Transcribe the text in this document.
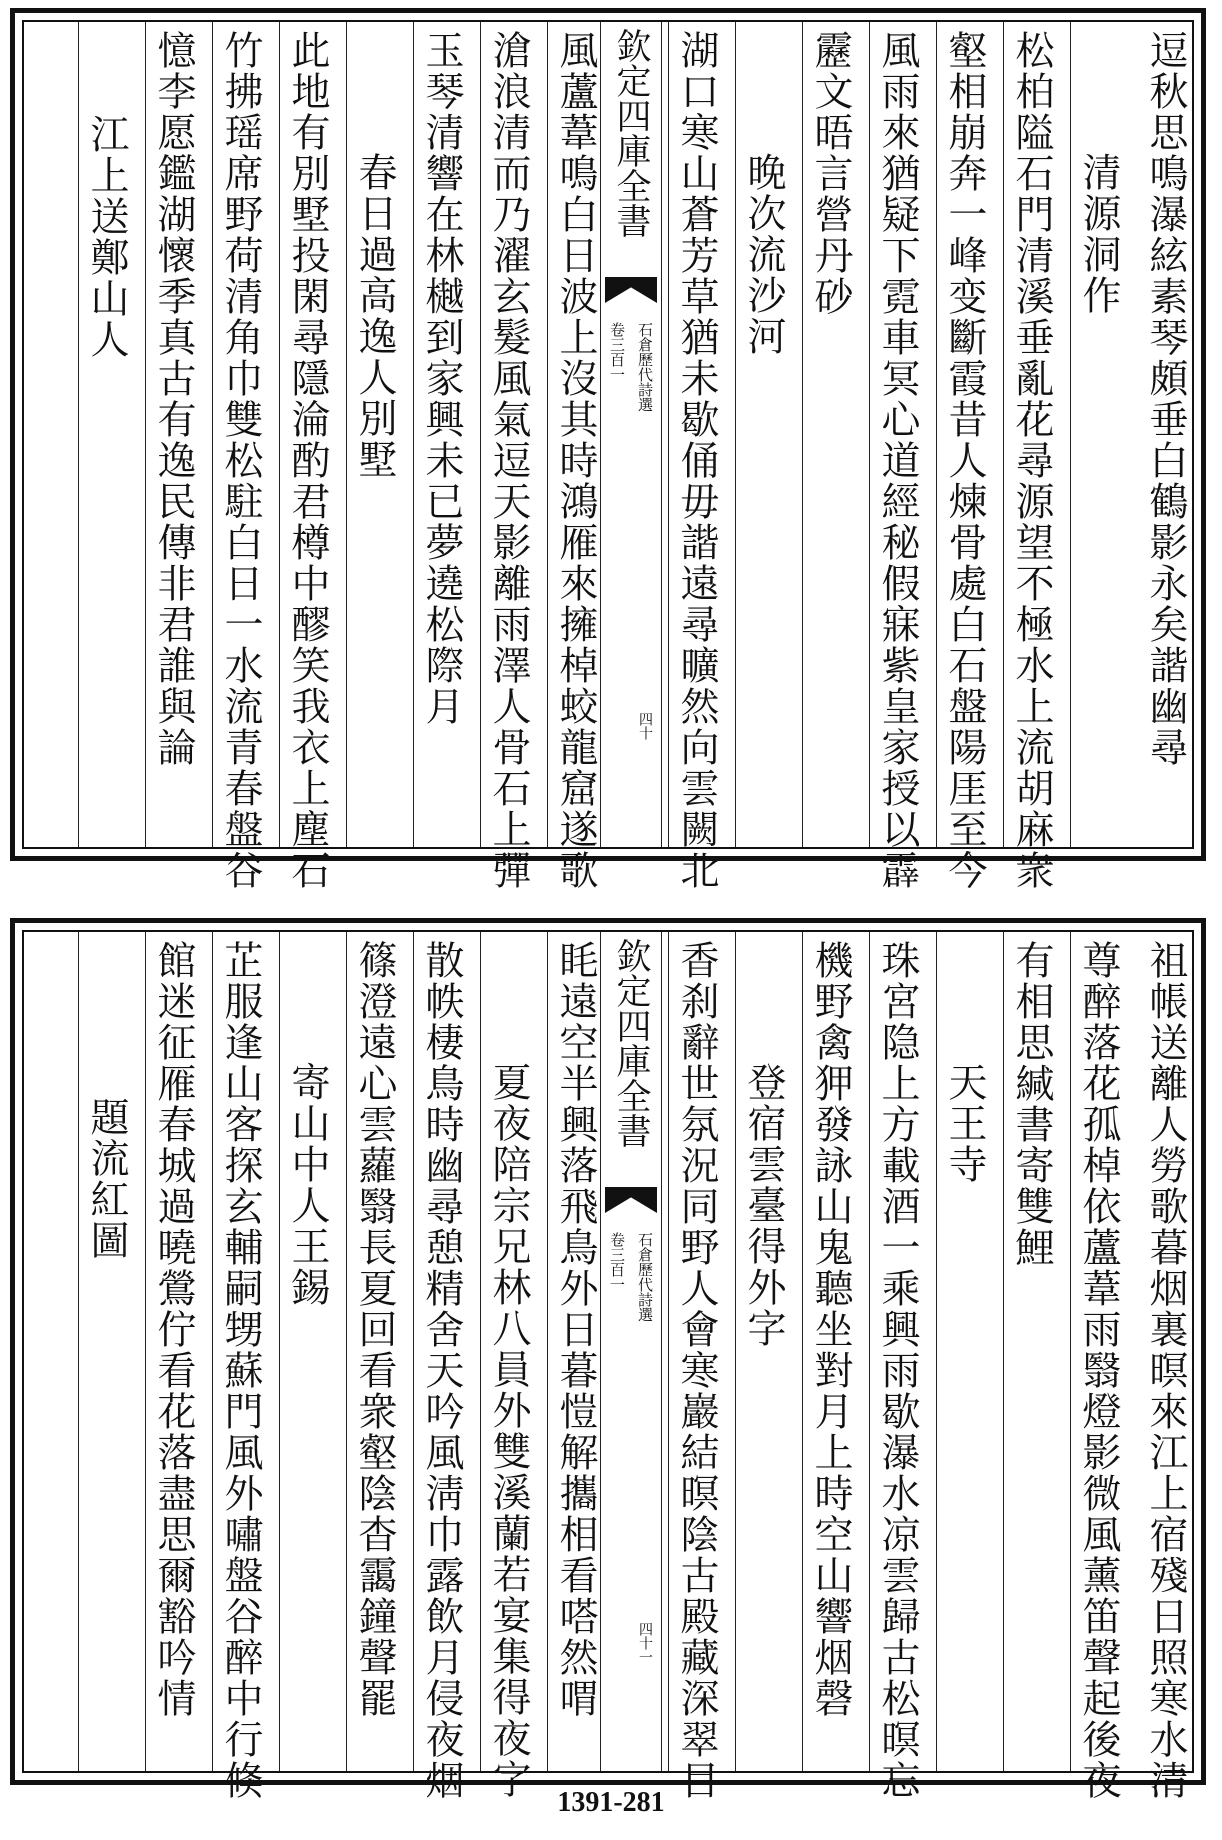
逗秋思鳴瀑絃素琴頗垂白鶴影永矣諧幽尋
清源洞作
松柏隘石門清溪垂亂花尋源望不極水上流胡麻衆
壑相崩奔一峰变斷霞昔人煉骨處白石盤陽厓至今
風雨來猶疑下霓車冥心道經秘假寐紫皇家授以霹
靂文晤言營丹砂
晚次流沙河
湖口寒山蒼芳草猶未歇俑毋諧遠尋曠然向雲闕北
欽定四庫全書
石倉歷代詩選
卷三百一
四十
風蘆葦鳴白日波上沒其時鴻雁來擁棹蛟龍窟遂歌
滄浪清而乃濯玄髮風氣逗天影離雨澤人骨石上彈
玉琴清響在林樾到家興未已夢遶松際月
春日過高逸人別墅
此地有別墅投閑尋隱淪酌君樽中醪笑我衣上塵石
竹拂瑶席野荷清角巾雙松駐白日一水流青春盤谷
憶李愿鑑湖懷季真古有逸民傳非君誰與論
江上送鄭山人
祖帳送離人勞歌暮烟裏暝來江上宿殘日照寒水清
尊醉落花孤棹依蘆葦雨翳燈影微風薰笛聲起後夜
有相思緘書寄雙鯉
天王寺
珠宮隐上方載酒一乘興雨歇瀑水凉雲歸古松暝忘
機野禽狎發詠山鬼聽坐對月上時空山響烟磬
登宿雲臺得外字
香刹辭世氛況同野人會寒巖結暝陰古殿藏深翠目
欽定四庫全書
石倉歷代詩選
卷三百一
四十一
眊遠空半興落飛鳥外日暮愷解攜相看嗒然喟
夏夜陪宗兄林八員外雙溪蘭若宴集得夜字
散帙棲鳥時幽尋憩精舍天吟風淸巾露飲月侵夜烟
篠澄遠心雲蘿翳長夏回看衆壑陰杳靄鐘聲罷
寄山中人王錫
芷服逢山客探玄輔嗣甥蘇門風外嘯盤谷醉中行倏
館迷征雁春城過曉鶯佇看花落盡思爾豁吟情
題流紅圖
1391-281
